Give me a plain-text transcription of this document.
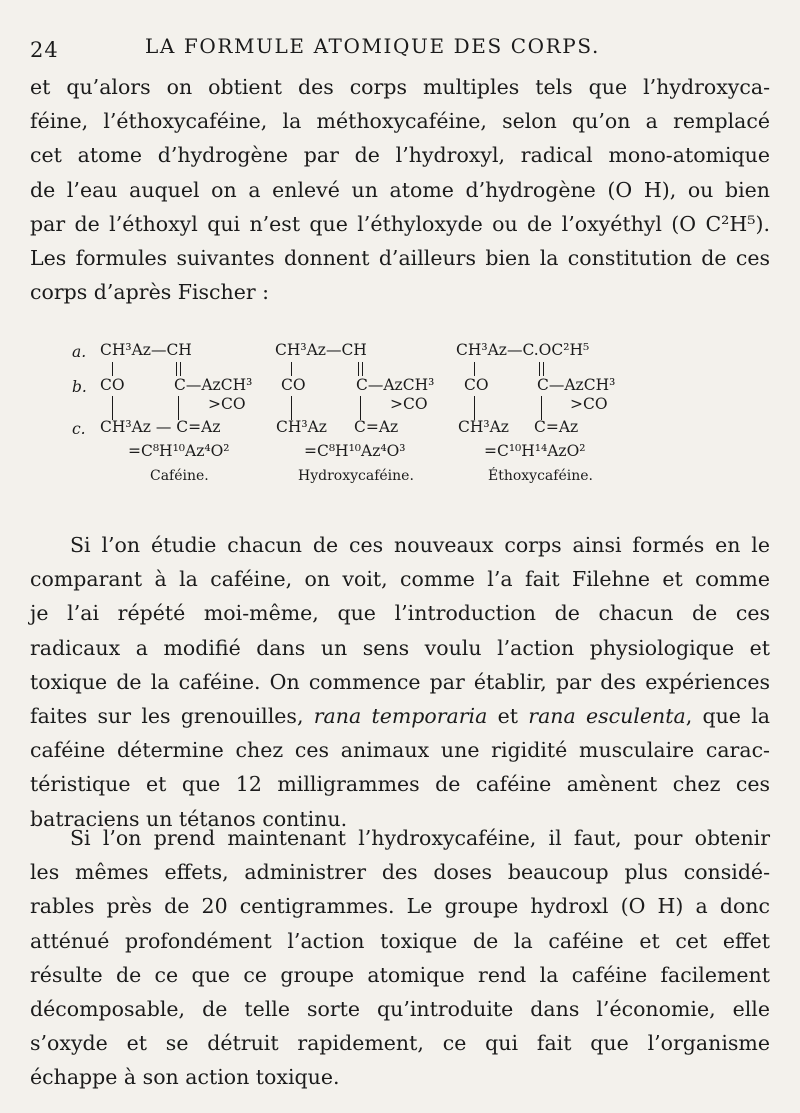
24	LA FORMULE ATOMIQUE DES CORPS.
et qu’alors on obtient des corps multiples tels que l’hydroxyca-
féine, l’éthoxycaféine, la méthoxycaféine, selon qu’on a remplacé
cet atome d’hydrogène par de l’hydroxyl, radical mono-atomique
de l’eau auquel on a enlevé un atome d’hydrogène (O H), ou bien
par de l’éthoxyl qui n’est que l’éthyloxyde ou de l’oxyéthyl (O C²H⁵).
Les formules suivantes donnent d’ailleurs bien la constitution de ces
corps d’après Fischer :
a.
b.
c.
CH³Az—CH
CO	C—AzCH³
>CO
CH³Az — C=Az
=C⁸H¹⁰Az⁴O²
Caféine.
CH³Az—CH
CO	C—AzCH³
>CO
CH³Az C=Az
=C⁸H¹⁰Az⁴O³
Hydroxycaféine.
CH³Az—C.OC²H⁵
CO	C—AzCH³
>CO
CH³Az C=Az
=C¹⁰H¹⁴AzO²
Éthoxycaféine.
Si l’on étudie chacun de ces nouveaux corps ainsi formés en le
comparant à la caféine, on voit, comme l’a fait Filehne et comme
je l’ai répété moi-même, que l’introduction de chacun de ces
radicaux a modifié dans un sens voulu l’action physiologique et
toxique de la caféine. On commence par établir, par des expériences
faites sur les grenouilles, rana temporaria et rana esculenta, que la
caféine détermine chez ces animaux une rigidité musculaire carac-
téristique et que 12 milligrammes de caféine amènent chez ces
batraciens un tétanos continu.
Si l’on prend maintenant l’hydroxycaféine, il faut, pour obtenir
les mêmes effets, administrer des doses beaucoup plus considé-
rables près de 20 centigrammes. Le groupe hydroxl (O H) a donc
atténué profondément l’action toxique de la caféine et cet effet
résulte de ce que ce groupe atomique rend la caféine facilement
décomposable, de telle sorte qu’introduite dans l’économie, elle
s’oxyde et se détruit rapidement, ce qui fait que l’organisme
échappe à son action toxique.
